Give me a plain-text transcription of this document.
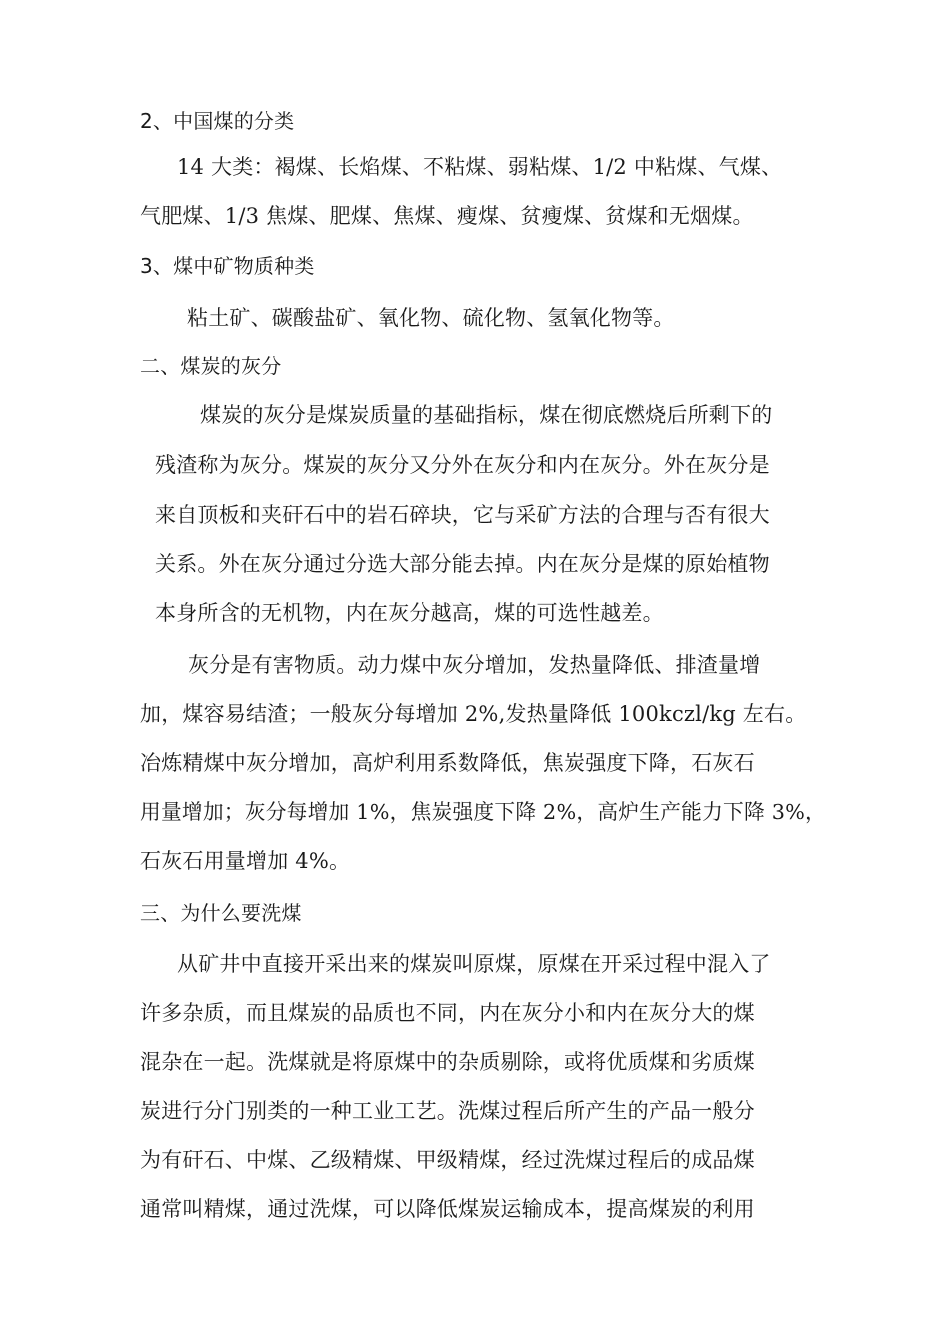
2、中国煤的分类
14 大类：褐煤、长焰煤、不粘煤、弱粘煤、1/2 中粘煤、气煤、
气肥煤、1/3 焦煤、肥煤、焦煤、瘦煤、贫瘦煤、贫煤和无烟煤。
3、煤中矿物质种类
粘土矿、碳酸盐矿、氧化物、硫化物、氢氧化物等。
二、煤炭的灰分
煤炭的灰分是煤炭质量的基础指标，煤在彻底燃烧后所剩下的
残渣称为灰分。煤炭的灰分又分外在灰分和内在灰分。外在灰分是
来自顶板和夹矸石中的岩石碎块，它与采矿方法的合理与否有很大
关系。外在灰分通过分选大部分能去掉。内在灰分是煤的原始植物
本身所含的无机物，内在灰分越高，煤的可选性越差。
灰分是有害物质。动力煤中灰分增加，发热量降低、排渣量增
加，煤容易结渣；一般灰分每增加 2%,发热量降低 100kczl/kg 左右。
冶炼精煤中灰分增加，高炉利用系数降低，焦炭强度下降，石灰石
用量增加；灰分每增加 1%，焦炭强度下降 2%，高炉生产能力下降 3%，
石灰石用量增加 4%。
三、为什么要洗煤
从矿井中直接开采出来的煤炭叫原煤，原煤在开采过程中混入了
许多杂质，而且煤炭的品质也不同，内在灰分小和内在灰分大的煤
混杂在一起。洗煤就是将原煤中的杂质剔除，或将优质煤和劣质煤
炭进行分门别类的一种工业工艺。洗煤过程后所产生的产品一般分
为有矸石、中煤、乙级精煤、甲级精煤，经过洗煤过程后的成品煤
通常叫精煤，通过洗煤，可以降低煤炭运输成本，提高煤炭的利用
